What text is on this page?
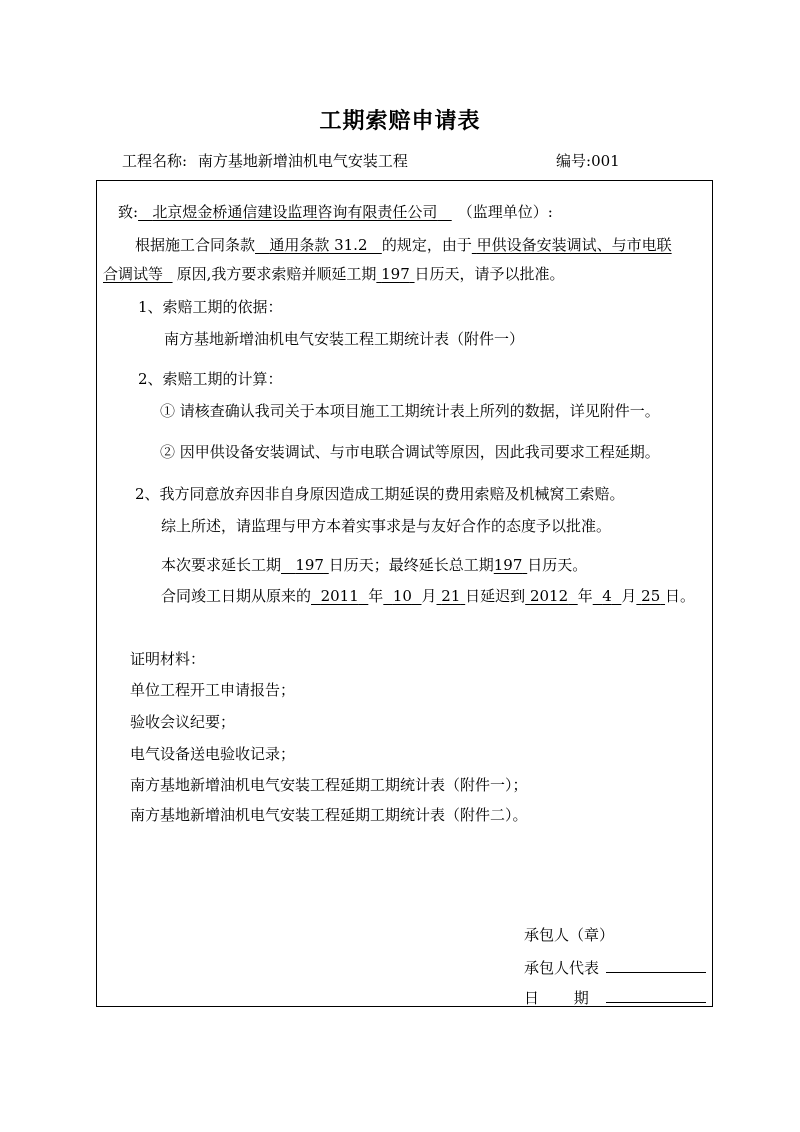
工期索赔申请表
工程名称: 南方基地新增油机电气安装工程	编号:001
致: 北京煜金桥通信建设监理咨询有限责任公司 （监理单位）:
根据施工合同条款 通用条款 31.2 的规定，由于 甲供设备安装调试、与市电联
合调试等 原因,我方要求索赔并顺延工期 197 日历天，请予以批准。
1、索赔工期的依据：
南方基地新增油机电气安装工程工期统计表（附件一）
2、索赔工期的计算：
① 请核查确认我司关于本项目施工工期统计表上所列的数据，详见附件一。
② 因甲供设备安装调试、与市电联合调试等原因，因此我司要求工程延期。
2、我方同意放弃因非自身原因造成工期延误的费用索赔及机械窝工索赔。
综上所述，请监理与甲方本着实事求是与友好合作的态度予以批准。
本次要求延长工期 197 日历天；最终延长总工期197 日历天。
合同竣工日期从原来的 2011 年 10 月 21 日延迟到 2012 年 4 月 25 日。
证明材料：
单位工程开工申请报告；
验收会议纪要；
电气设备送电验收记录；
南方基地新增油机电气安装工程延期工期统计表（附件一）；
南方基地新增油机电气安装工程延期工期统计表（附件二）。
承包人（章）
承包人代表
日　　 期
